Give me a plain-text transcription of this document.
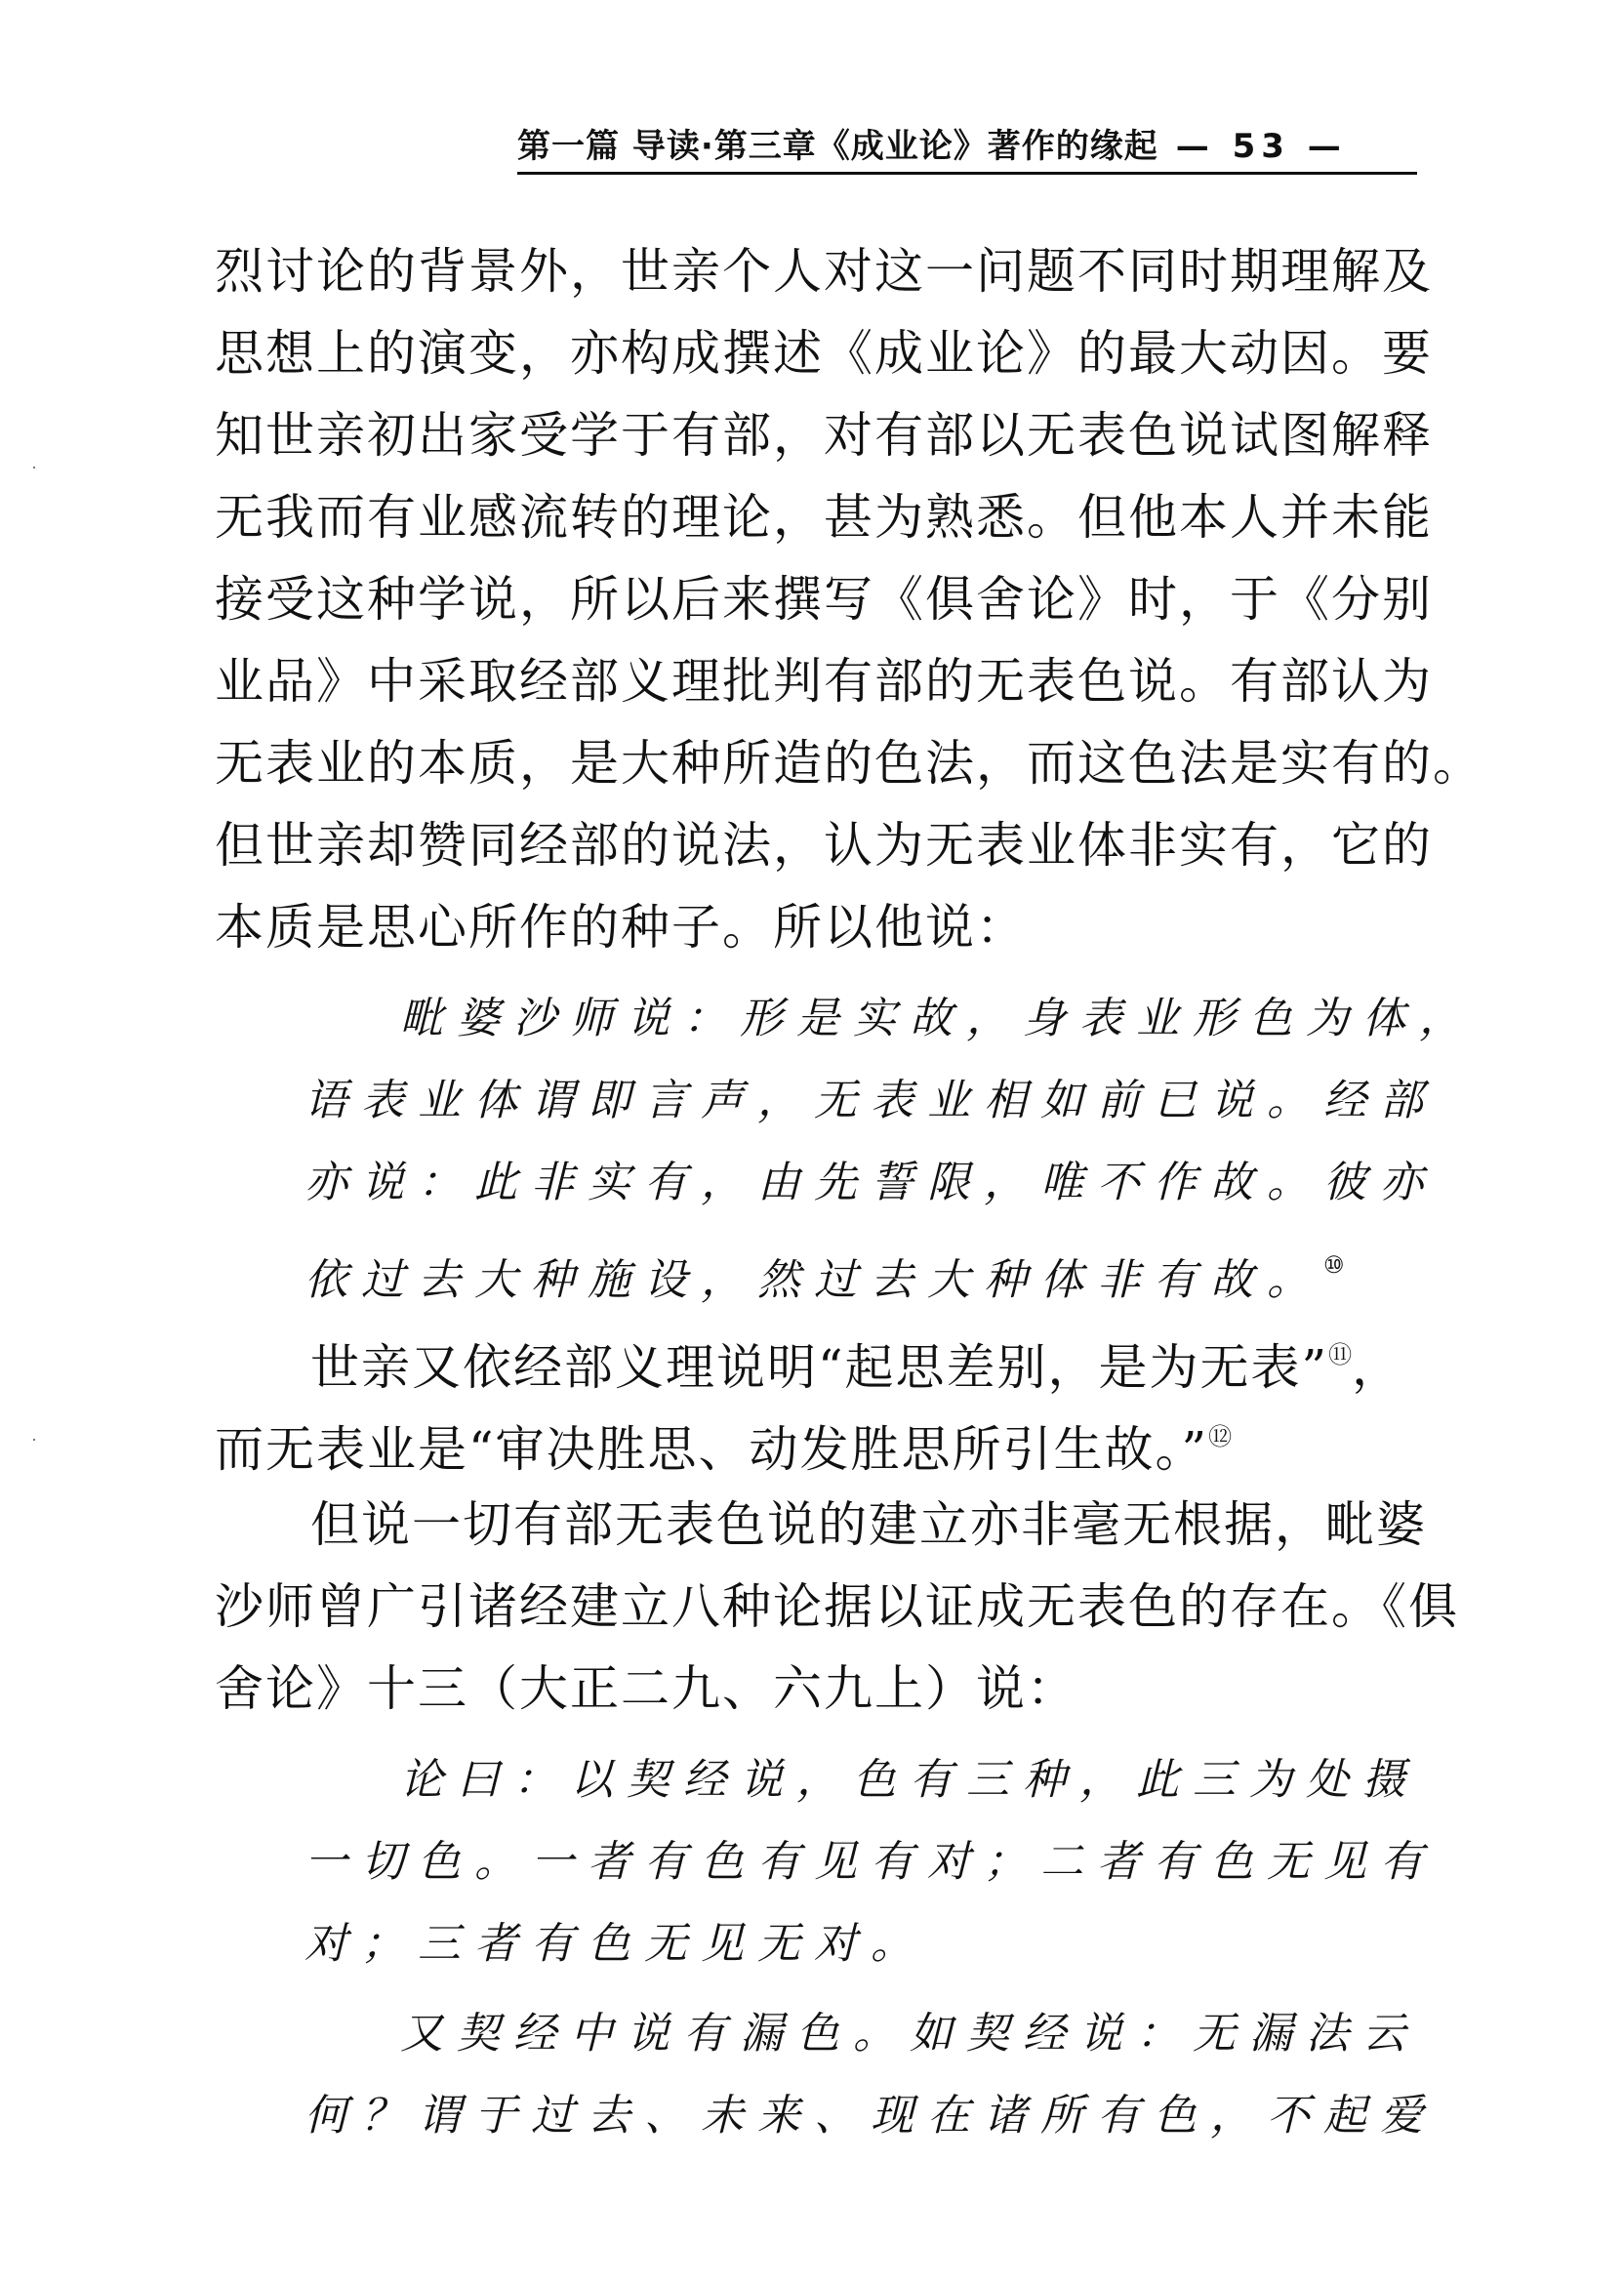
第一篇 导读·第三章《成业论》著作的缘起 — 53 —
烈讨论的背景外，世亲个人对这一问题不同时期理解及
思想上的演变，亦构成撰述《成业论》的最大动因。要
知世亲初出家受学于有部，对有部以无表色说试图解释
无我而有业感流转的理论，甚为熟悉。但他本人并未能
接受这种学说，所以后来撰写《俱舍论》时，于《分别
业品》中采取经部义理批判有部的无表色说。有部认为
无表业的本质，是大种所造的色法，而这色法是实有的。
但世亲却赞同经部的说法，认为无表业体非实有，它的
本质是思心所作的种子。所以他说：
毗婆沙师说：形是实故，身表业形色为体，
语表业体谓即言声，无表业相如前已说。经部
亦说：此非实有，由先誓限，唯不作故。彼亦
依过去大种施设，然过去大种体非有故。⑩
世亲又依经部义理说明“起思差别，是为无表”⑪，
而无表业是“审决胜思、动发胜思所引生故。”⑫
但说一切有部无表色说的建立亦非毫无根据，毗婆
沙师曾广引诸经建立八种论据以证成无表色的存在。《俱
舍论》十三（大正二九、六九上）说：
论曰：以契经说，色有三种，此三为处摄
一切色。一者有色有见有对；二者有色无见有
对；三者有色无见无对。
又契经中说有漏色。如契经说：无漏法云
何？谓于过去、未来、现在诸所有色，不起爱
